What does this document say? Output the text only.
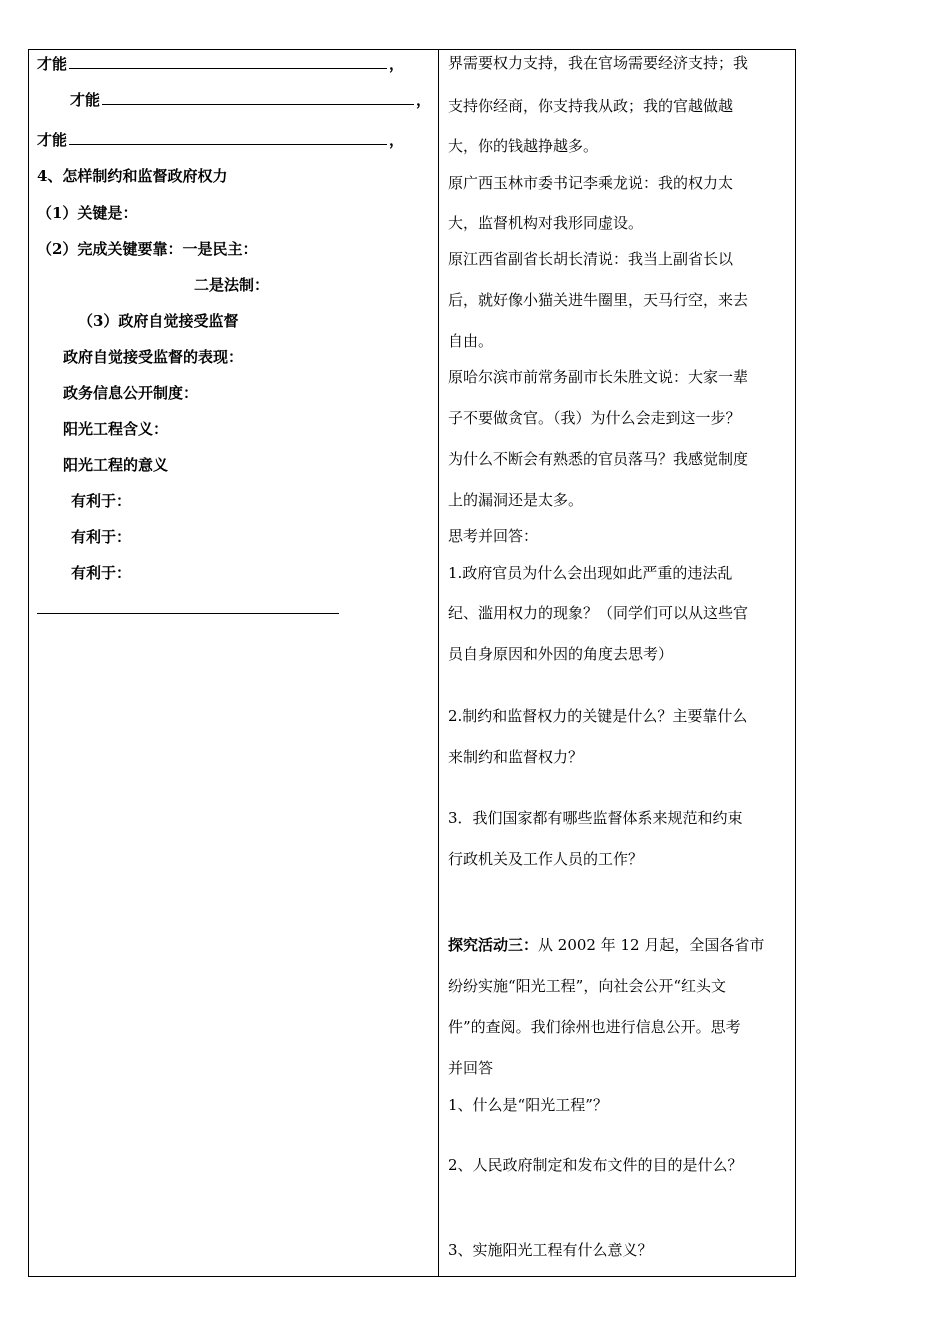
才能	，
才能	，
才能	，
4、怎样制约和监督政府权力
（1）关键是：
（2）完成关键要靠：一是民主：
二是法制：
（3）政府自觉接受监督
政府自觉接受监督的表现：
政务信息公开制度：
阳光工程含义：
阳光工程的意义
有利于：
有利于：
有利于：
界需要权力支持，我在官场需要经济支持；我
支持你经商，你支持我从政；我的官越做越
大，你的钱越挣越多。
原广西玉林市委书记李乘龙说：我的权力太
大，监督机构对我形同虚设。
原江西省副省长胡长清说：我当上副省长以
后，就好像小猫关进牛圈里，天马行空，来去
自由。
原哈尔滨市前常务副市长朱胜文说：大家一辈
子不要做贪官。（我）为什么会走到这一步？
为什么不断会有熟悉的官员落马？我感觉制度
上的漏洞还是太多。
思考并回答：
1.政府官员为什么会出现如此严重的违法乱
纪、滥用权力的现象？（同学们可以从这些官
员自身原因和外因的角度去思考）
2.制约和监督权力的关键是什么？主要靠什么
来制约和监督权力？
3．我们国家都有哪些监督体系来规范和约束
行政机关及工作人员的工作？
探究活动三：从 2002 年 12 月起，全国各省市
纷纷实施“阳光工程”，向社会公开“红头文
件”的查阅。我们徐州也进行信息公开。思考
并回答
1、什么是“阳光工程”？
2、人民政府制定和发布文件的目的是什么？
3、实施阳光工程有什么意义？
